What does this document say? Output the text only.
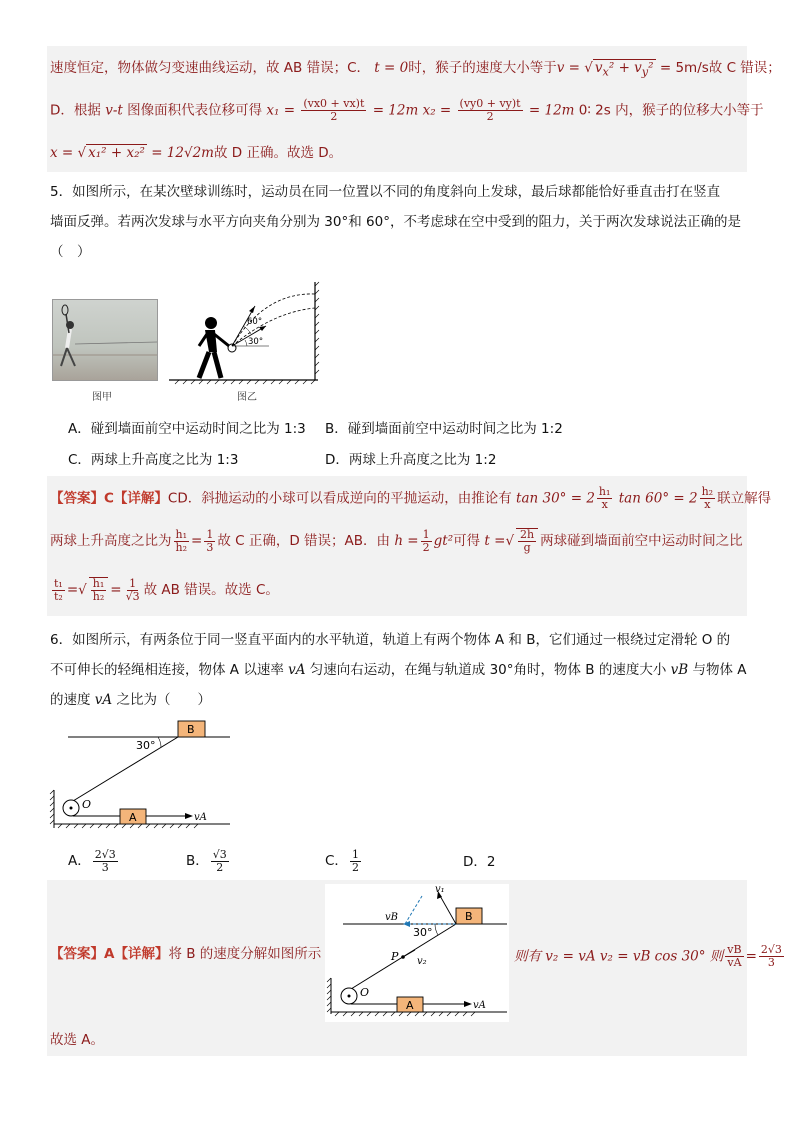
速度恒定，物体做匀变速曲线运动，故 AB 错误；C． t = 0时，猴子的速度大小等于v = √ $v_x^2 + v_y^2 = 5m/s$故 C 错误；
D．根据 v-t 图像面积代表位移可得 $x_1 = \frac{(vx0 + vx)t}{2} = 12m$ $x_2 = \frac{(vy0 + vy)t}{2} = 12m$ 0∶ 2s 内，猴子的位移大小等于
x = √ x₁² + x₂² = 12√2m故 D 正确。故选 D。
5．如图所示，在某次壁球训练时，运动员在同一位置以不同的角度斜向上发球，最后球都能恰好垂直击打在竖直
墙面反弹。若两次发球与水平方向夹角分别为 30°和 60°，不考虑球在空中受到的阻力，关于两次发球说法正确的是
（　）
图甲
60°
30°
图乙
A．碰到墙面前空中运动时间之比为 1:3 B．碰到墙面前空中运动时间之比为 1:2
C．两球上升高度之比为 1:3	D．两球上升高度之比为 1:2
【答案】C【详解】CD．斜抛运动的小球可以看成逆向的平抛运动，由推论有 $\tan 30^\circ = 2 \frac{\text{h₁}}{x}$ $\tan 60^\circ = 2 \frac{\text{h₂}}{x}$ 联立解得
两球上升高度之比为 $\frac{\text{h₁}}{\text{h₂}} = \frac{1}{3}$ 故 C 正确，D 错误；AB．由 $h = \frac{1}{2} gt^2$可得 t =√ $\frac{2h}{g}$ 两球碰到墙面前空中运动时间之比
$\frac{\text{t₁}}{\text{t₂}}$ =√ $\frac{\text{h₁}}{\text{h₂}} = \frac{1}{√3}$ 故 AB 错误。故选 C。
6．如图所示，有两条位于同一竖直平面内的水平轨道，轨道上有两个物体 A 和 B，它们通过一根绕过定滑轮 O 的
不可伸长的轻绳相连接，物体 A 以速率 vA 匀速向右运动，在绳与轨道成 30°角时，物体 B 的速度大小 vB 与物体 A
的速度 vA 之比为（　　）
B
30°
O
A	vA
A． $\frac{2√3}{3}$	B． $\frac{√3}{2}$	C． $\frac{1}{2}$	D．2
【答案】A【详解】将 B 的速度分解如图所示
B
v₁
vB
P v₂
30°
O
A	vA
则有 v₂ = vA v₂ = vB cos 30° 则 $\frac{vB}{vA} = \frac{2√3}{3}$
故选 A。
